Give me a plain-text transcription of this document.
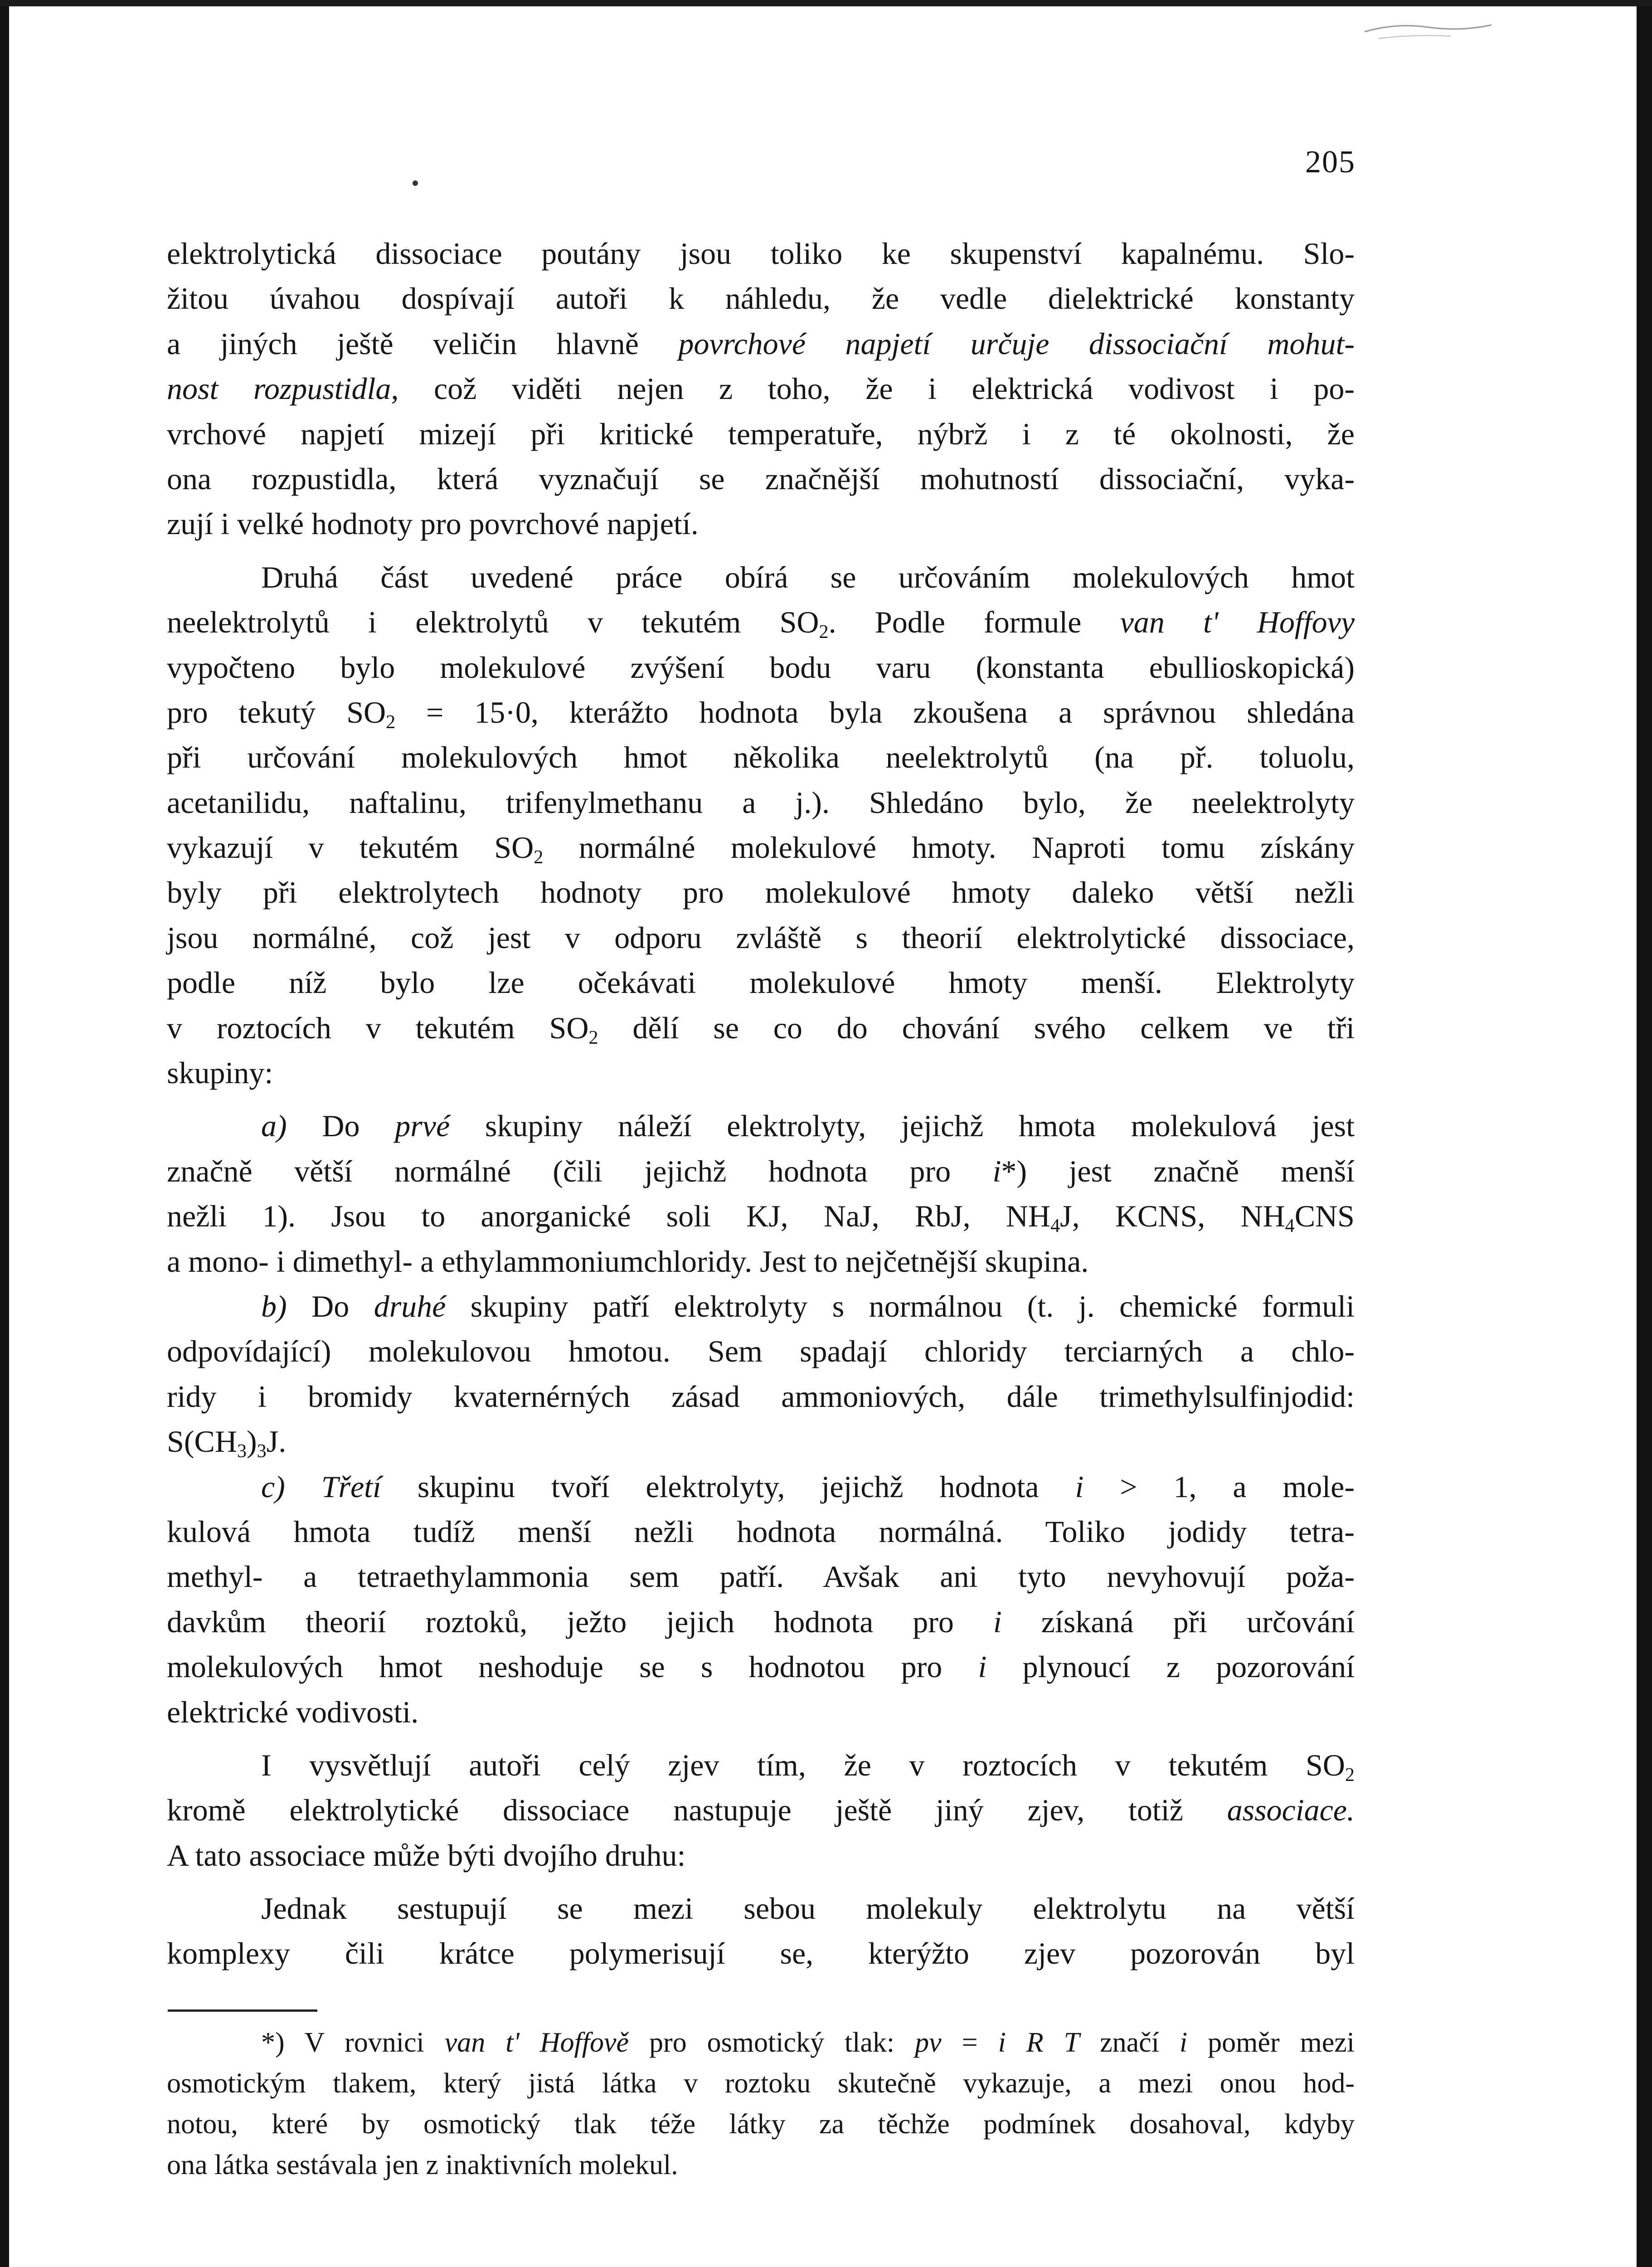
205
elektrolytická dissociace poutány jsou toliko ke skupenství kapalnému. Slo-
žitou úvahou dospívají autoři k náhledu, že vedle dielektrické konstanty
a jiných ještě veličin hlavně povrchové napjetí určuje dissociační mohut-
nost rozpustidla, což viděti nejen z toho, že i elektrická vodivost i po-
vrchové napjetí mizejí při kritické temperatuře, nýbrž i z té okolnosti, že
ona rozpustidla, která vyznačují se značnější mohutností dissociační, vyka-
zují i velké hodnoty pro povrchové napjetí.
Druhá část uvedené práce obírá se určováním molekulových hmot
neelektrolytů i elektrolytů v tekutém $SO_2$. Podle formule van t' Hoffovy
vypočteno bylo molekulové zvýšení bodu varu (konstanta ebullioskopická)
pro tekutý $SO_2 = 15\cdot 0$, kterážto hodnota byla zkoušena a správnou shledána
při určování molekulových hmot několika neelektrolytů (na př. toluolu,
acetanilidu, naftalinu, trifenylmethanu a j.). Shledáno bylo, že neelektrolyty
vykazují v tekutém $SO_2$ normálné molekulové hmoty. Naproti tomu získány
byly při elektrolytech hodnoty pro molekulové hmoty daleko větší nežli
jsou normálné, což jest v odporu zvláště s theorií elektrolytické dissociace,
podle níž bylo lze očekávati molekulové hmoty menší. Elektrolyty
v roztocích v tekutém $SO_2$ dělí se co do chování svého celkem ve tři
skupiny:
a) Do prvé skupiny náleží elektrolyty, jejichž hmota molekulová jest
značně větší normálné (čili jejichž hodnota pro i*) jest značně menší
nežli 1). Jsou to anorganické soli KJ, NaJ, RbJ, $NH_4J$, KCNS, $NH_4CNS$
a mono- i dimethyl- a ethylammoniumchloridy. Jest to nejčetnější skupina.
b) Do druhé skupiny patří elektrolyty s normálnou (t. j. chemické formuli
odpovídající) molekulovou hmotou. Sem spadají chloridy terciarných a chlo-
ridy i bromidy kvaternérných zásad ammoniových, dále trimethylsulfinjodid:
$S(CH_3)_3J$.
c) Třetí skupinu tvoří elektrolyty, jejichž hodnota i > 1, a mole-
kulová hmota tudíž menší nežli hodnota normálná. Toliko jodidy tetra-
methyl- a tetraethylammonia sem patří. Avšak ani tyto nevyhovují poža-
davkům theorií roztoků, ježto jejich hodnota pro i získaná při určování
molekulových hmot neshoduje se s hodnotou pro i plynoucí z pozorování
elektrické vodivosti.
I vysvětlují autoři celý zjev tím, že v roztocích v tekutém $SO_2$
kromě elektrolytické dissociace nastupuje ještě jiný zjev, totiž associace.
A tato associace může býti dvojího druhu:
Jednak sestupují se mezi sebou molekuly elektrolytu na větší
komplexy čili krátce polymerisují se, kterýžto zjev pozorován byl
*) V rovnici van t' Hoffově pro osmotický tlak: pv = i R T značí i poměr mezi
osmotickým tlakem, který jistá látka v roztoku skutečně vykazuje, a mezi onou hod-
notou, které by osmotický tlak téže látky za těchže podmínek dosahoval, kdyby
ona látka sestávala jen z inaktivních molekul.
